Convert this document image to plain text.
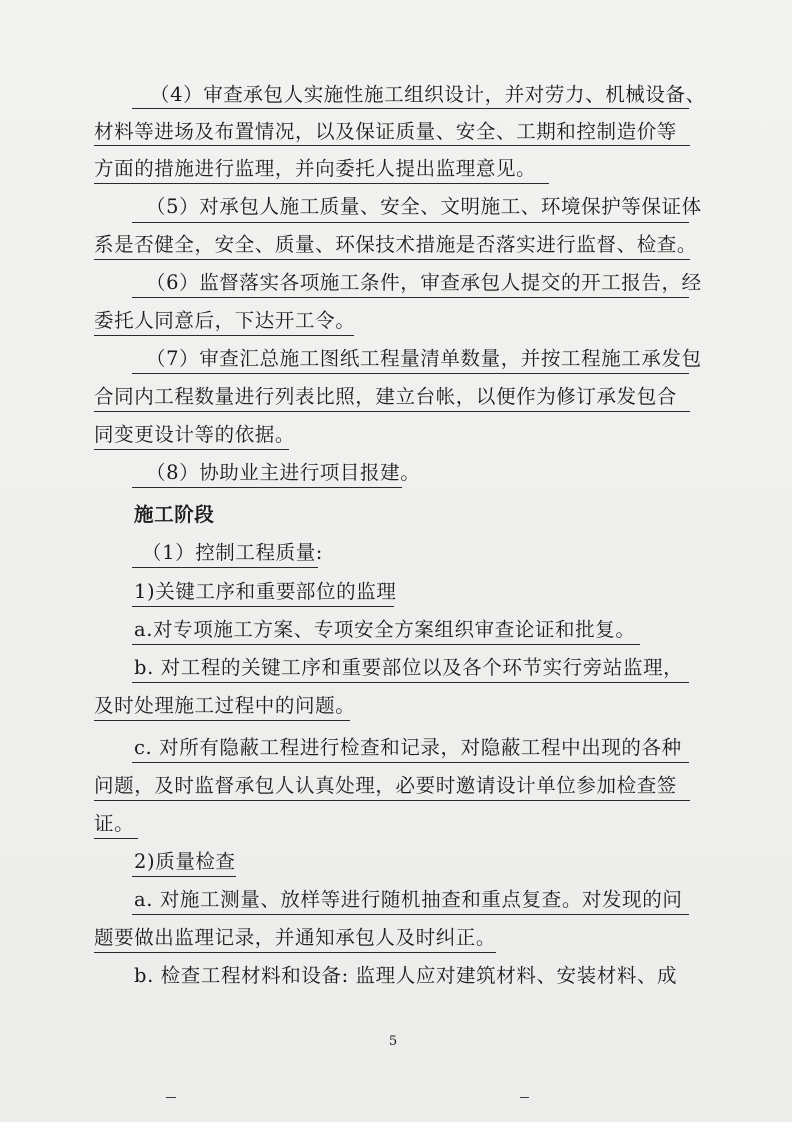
（4）审查承包人实施性施工组织设计，并对劳力、机械设备、
材料等进场及布置情况，以及保证质量、安全、工期和控制造价等
方面的措施进行监理，并向委托人提出监理意见。
（5）对承包人施工质量、安全、文明施工、环境保护等保证体
系是否健全，安全、质量、环保技术措施是否落实进行监督、检查。
（6）监督落实各项施工条件，审查承包人提交的开工报告，经
委托人同意后，下达开工令。
（7）审查汇总施工图纸工程量清单数量，并按工程施工承发包
合同内工程数量进行列表比照，建立台帐，以便作为修订承发包合
同变更设计等的依据。
（8）协助业主进行项目报建。
施工阶段
（1）控制工程质量:
1)关键工序和重要部位的监理
a.对专项施工方案、专项安全方案组织审查论证和批复。
b. 对工程的关键工序和重要部位以及各个环节实行旁站监理，
及时处理施工过程中的问题。
c. 对所有隐蔽工程进行检查和记录，对隐蔽工程中出现的各种
问题，及时监督承包人认真处理，必要时邀请设计单位参加检查签
证。
2)质量检查
a. 对施工测量、放样等进行随机抽查和重点复查。对发现的问
题要做出监理记录，并通知承包人及时纠正。
b. 检查工程材料和设备: 监理人应对建筑材料、安装材料、成
5
